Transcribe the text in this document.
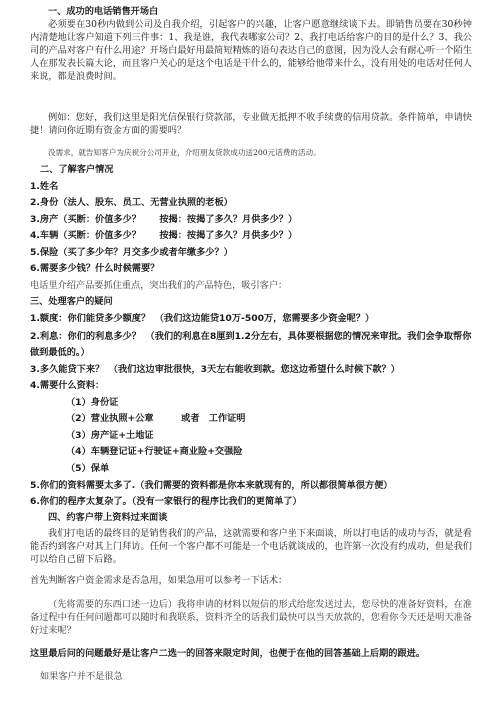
一、成功的电话销售开场白
必须要在30秒内做到公司及自我介绍，引起客户的兴趣，让客户愿意继续谈下去。即销售员要在30秒钟内清楚地让客户知道下列三件事：1、我是谁，我代表哪家公司？2、我打电话给客户的目的是什么？3、我公司的产品对客户有什么用途？开场白最好用最简短精炼的语句表达自己的意图，因为没人会有耐心听一个陌生人在那发表长篇大论，而且客户关心的是这个电话是干什么的，能够给他带来什么，没有用处的电话对任何人来说，都是浪费时间。
例如：您好，我们这里是阳光信保银行贷款部，专业做无抵押不收手续费的信用贷款。条件简单，申请快捷！请问你近期有资金方面的需要吗？
没需求，就告知客户为庆祝分公司开业，介绍朋友贷款成功送200元话费的活动。
二、了解客户情况
1.姓名
2.身份（法人、股东、员工、无营业执照的老板）
3.房产（买断：价值多少？　　按揭：按揭了多久？月供多少？）
4.车辆（买断：价值多少？　　按揭：按揭了多久？月供多少？）
5.保险（买了多少年？月交多少或者年缴多少？）
6.需要多少钱？什么时候需要？
电话里介绍产品要抓住重点，突出我们的产品特色，吸引客户：
三、处理客户的疑问
1.额度：你们能贷多少额度？　（我们这边能贷10万-500万，您需要多少资金呢？）
2.利息：你们的利息多少？　（我们的利息在8厘到1.2分左右，具体要根据您的情况来审批。我们会争取帮你做到最低的。）
3.多久能贷下来？　（我们这边审批很快，3天左右能收到款。您这边希望什么时候下款？）
4.需要什么资料：
（1）身份证
（2）营业执照+公章　　　或者　工作证明
（3）房产证+土地证
（4）车辆登记证+行驶证+商业险+交强险
（5）保单
5.你们的资料需要太多了.（我们需要的资料都是你本来就现有的，所以都很简单很方便）
6.你们的程序太复杂了。（没有一家银行的程序比我们的更简单了）
四、约客户带上资料过来面谈
我们打电话的最终目的是销售我们的产品，这就需要和客户坐下来面谈，所以打电话的成功与否，就是看能否约到客户对其上门拜访。任何一个客户都不可能是一个电话就谈成的，也许第一次没有约成功，但是我们可以给自己留下后路。
首先判断客户资金需求是否急用，如果急用可以参考一下话术：
（先将需要的东西口述一边后）我将申请的材料以短信的形式给您发送过去，您尽快的准备好资料，在准备过程中有任何问题都可以随时和我联系，资料齐全的话我们最快可以当天放款的，您看你今天还是明天准备好过来呢？
这里最后问的问题最好是让客户二选一的回答来限定时间，也便于在他的回答基础上后期的跟进。
如果客户并不是很急
